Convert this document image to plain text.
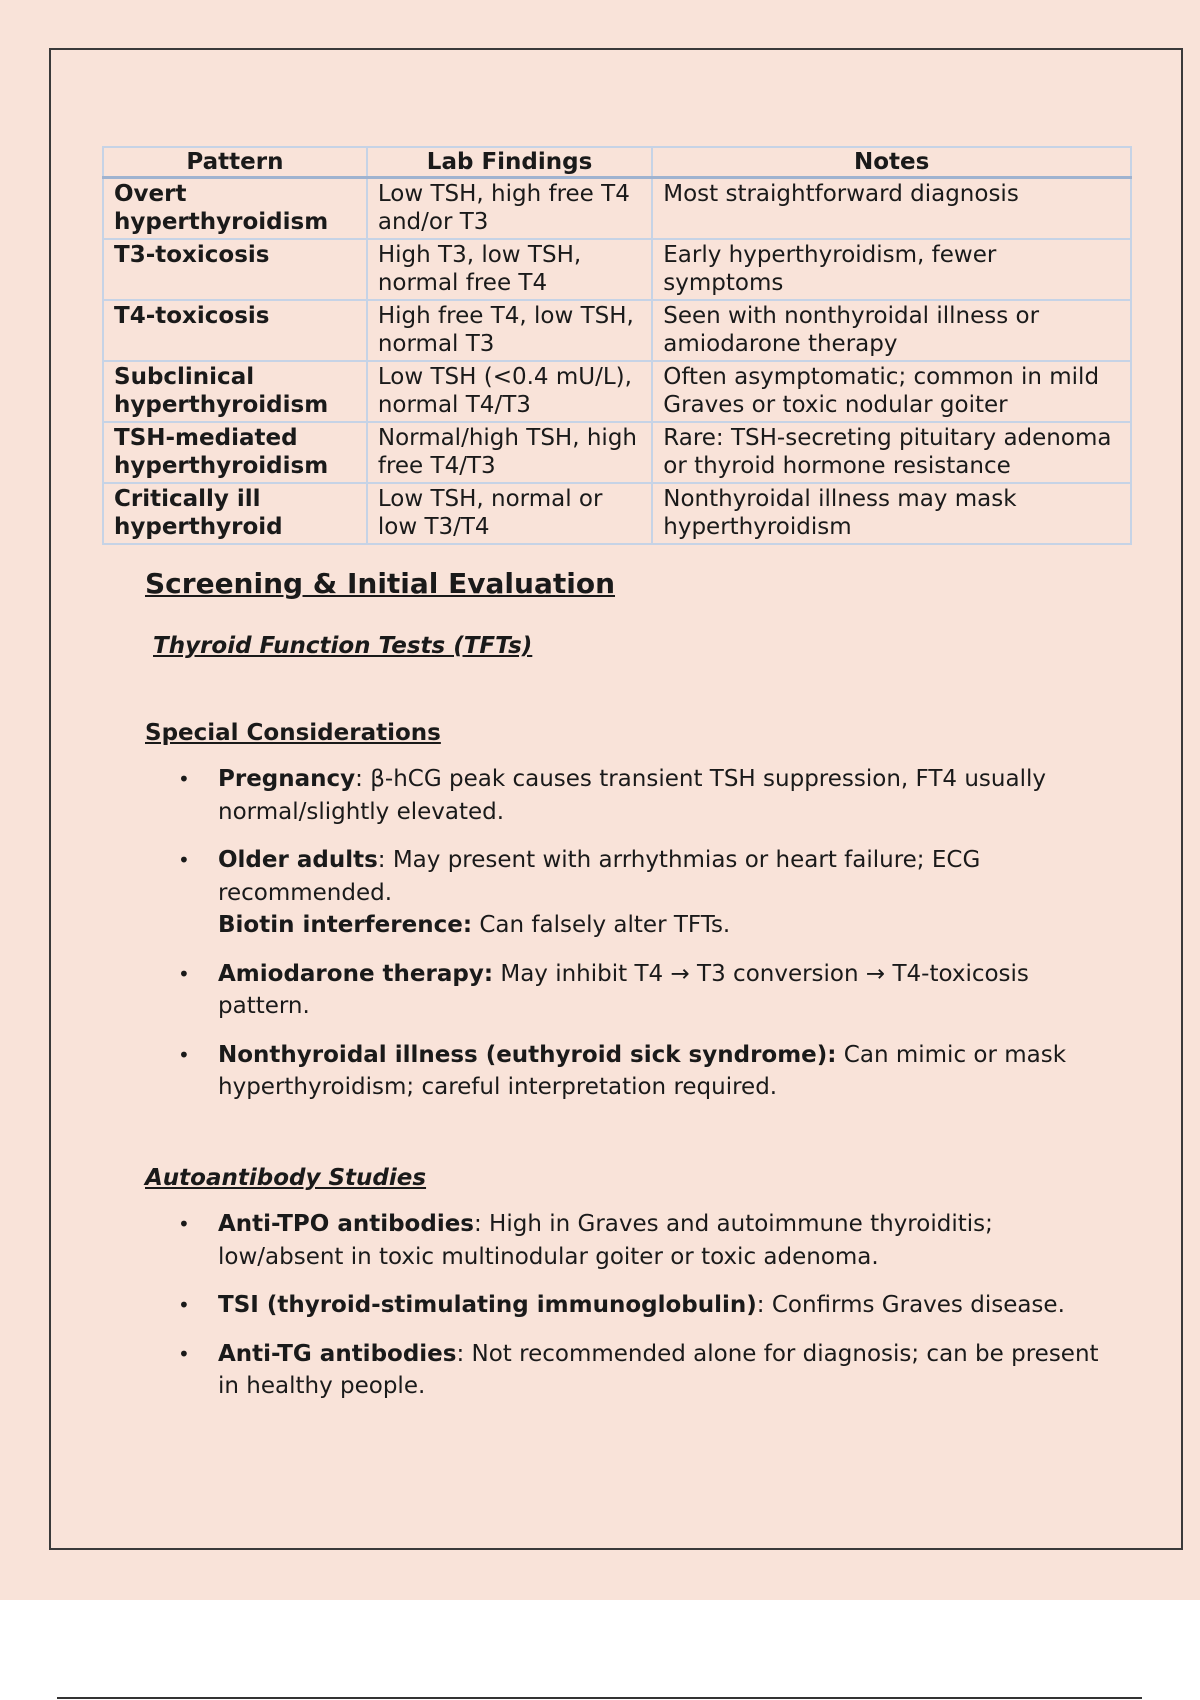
Pattern	Lab Findings	Notes
Overt hyperthyroidism	Low TSH, high free T4 and/or T3	Most straightforward diagnosis
T3-toxicosis	High T3, low TSH, normal free T4	Early hyperthyroidism, fewer symptoms
T4-toxicosis	High free T4, low TSH, normal T3	Seen with nonthyroidal illness or amiodarone therapy
Subclinical hyperthyroidism	Low TSH (<0.4 mU/L), normal T4/T3	Often asymptomatic; common in mild Graves or toxic nodular goiter
TSH-mediated hyperthyroidism	Normal/high TSH, high free T4/T3	Rare: TSH-secreting pituitary adenoma or thyroid hormone resistance
Critically ill hyperthyroid	Low TSH, normal or low T3/T4	Nonthyroidal illness may mask hyperthyroidism
Screening & Initial Evaluation
Thyroid Function Tests (TFTs)
Special Considerations
• Pregnancy: β-hCG peak causes transient TSH suppression, FT4 usually normal/slightly elevated.
• Older adults: May present with arrhythmias or heart failure; ECG recommended.
Biotin interference: Can falsely alter TFTs.
• Amiodarone therapy: May inhibit T4 → T3 conversion → T4-toxicosis pattern.
• Nonthyroidal illness (euthyroid sick syndrome): Can mimic or mask hyperthyroidism; careful interpretation required.
Autoantibody Studies
• Anti-TPO antibodies: High in Graves and autoimmune thyroiditis; low/absent in toxic multinodular goiter or toxic adenoma.
• TSI (thyroid-stimulating immunoglobulin): Confirms Graves disease.
• Anti-TG antibodies: Not recommended alone for diagnosis; can be present in healthy people.
